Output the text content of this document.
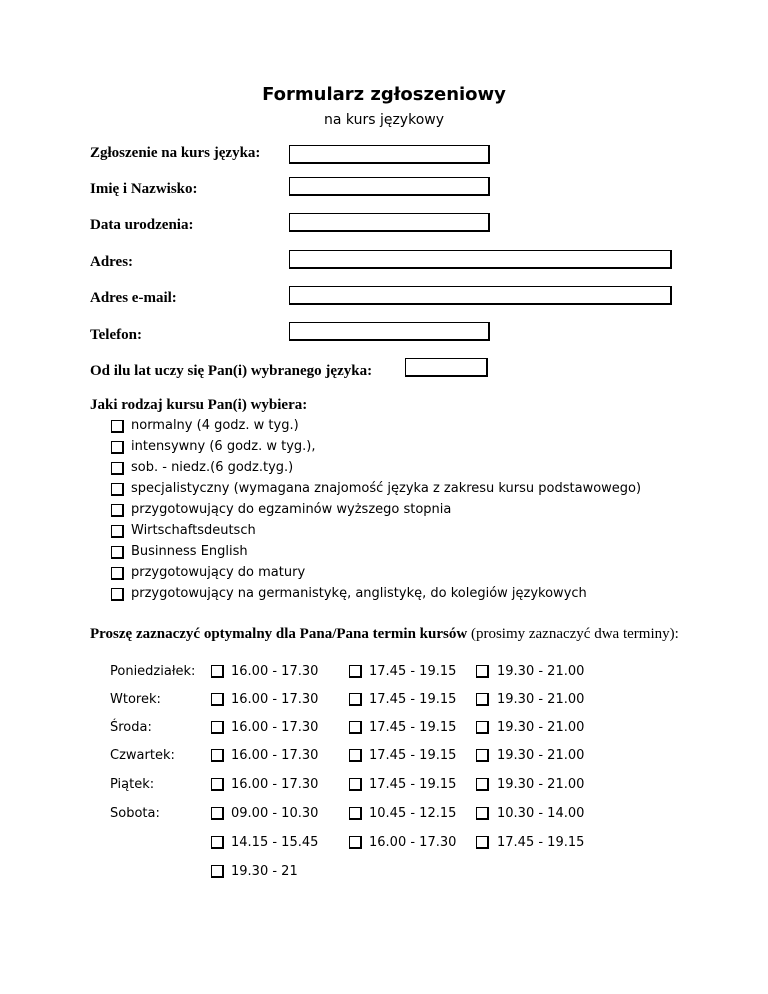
Formularz zgłoszeniowy
na kurs językowy
Zgłoszenie na kurs języka:
Imię i Nazwisko:
Data urodzenia:
Adres:
Adres e-mail:
Telefon:
Od ilu lat uczy się Pan(i) wybranego języka:
Jaki rodzaj kursu Pan(i) wybiera:
normalny (4 godz. w tyg.)
intensywny (6 godz. w tyg.),
sob. - niedz.(6 godz.tyg.)
specjalistyczny (wymagana znajomość języka z zakresu kursu podstawowego)
przygotowujący do egzaminów wyższego stopnia
Wirtschaftsdeutsch
Businness English
przygotowujący do matury
przygotowujący na germanistykę, anglistykę, do kolegiów językowych
Proszę zaznaczyć optymalny dla Pana/Pana termin kursów (prosimy zaznaczyć dwa terminy):
Poniedziałek:	16.00 - 17.30	17.45 - 19.15	19.30 - 21.00
Wtorek:	16.00 - 17.30	17.45 - 19.15	19.30 - 21.00
Środa:	16.00 - 17.30	17.45 - 19.15	19.30 - 21.00
Czwartek:	16.00 - 17.30	17.45 - 19.15	19.30 - 21.00
Piątek:	16.00 - 17.30	17.45 - 19.15	19.30 - 21.00
Sobota:	09.00 - 10.30	10.45 - 12.15	10.30 - 14.00
14.15 - 15.45	16.00 - 17.30	17.45 - 19.15
19.30 - 21
